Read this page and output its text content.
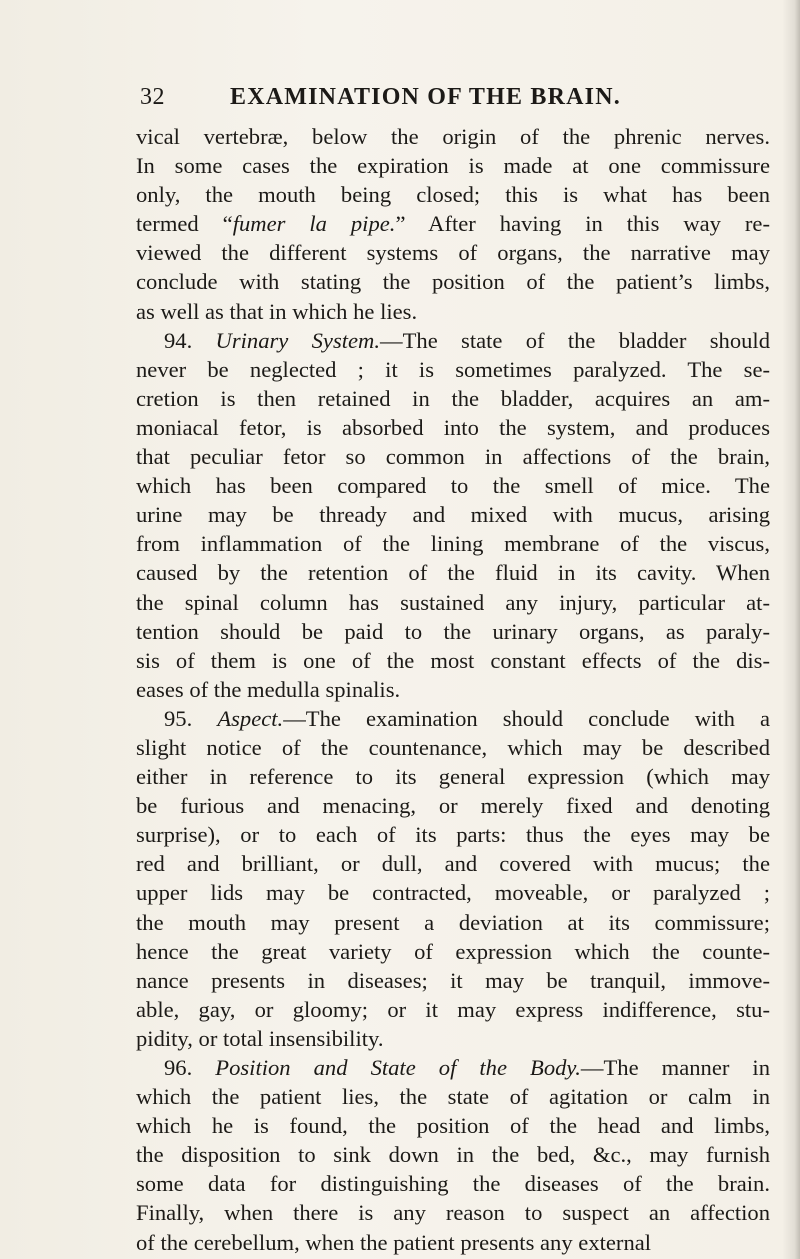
32	EXAMINATION OF THE BRAIN.
vical vertebræ, below the origin of the phrenic nerves.
In some cases the expiration is made at one commissure
only, the mouth being closed; this is what has been
termed “fumer la pipe.” After having in this way re-
viewed the different systems of organs, the narrative may
conclude with stating the position of the patient’s limbs,
as well as that in which he lies.
94. Urinary System.—The state of the bladder should
never be neglected ; it is sometimes paralyzed. The se-
cretion is then retained in the bladder, acquires an am-
moniacal fetor, is absorbed into the system, and produces
that peculiar fetor so common in affections of the brain,
which has been compared to the smell of mice. The
urine may be thready and mixed with mucus, arising
from inflammation of the lining membrane of the viscus,
caused by the retention of the fluid in its cavity. When
the spinal column has sustained any injury, particular at-
tention should be paid to the urinary organs, as paraly-
sis of them is one of the most constant effects of the dis-
eases of the medulla spinalis.
95. Aspect.—The examination should conclude with a
slight notice of the countenance, which may be described
either in reference to its general expression (which may
be furious and menacing, or merely fixed and denoting
surprise), or to each of its parts: thus the eyes may be
red and brilliant, or dull, and covered with mucus; the
upper lids may be contracted, moveable, or paralyzed ;
the mouth may present a deviation at its commissure;
hence the great variety of expression which the counte-
nance presents in diseases; it may be tranquil, immove-
able, gay, or gloomy; or it may express indifference, stu-
pidity, or total insensibility.
96. Position and State of the Body.—The manner in
which the patient lies, the state of agitation or calm in
which he is found, the position of the head and limbs,
the disposition to sink down in the bed, &c., may furnish
some data for distinguishing the diseases of the brain.
Finally, when there is any reason to suspect an affection
of the cerebellum, when the patient presents any external
